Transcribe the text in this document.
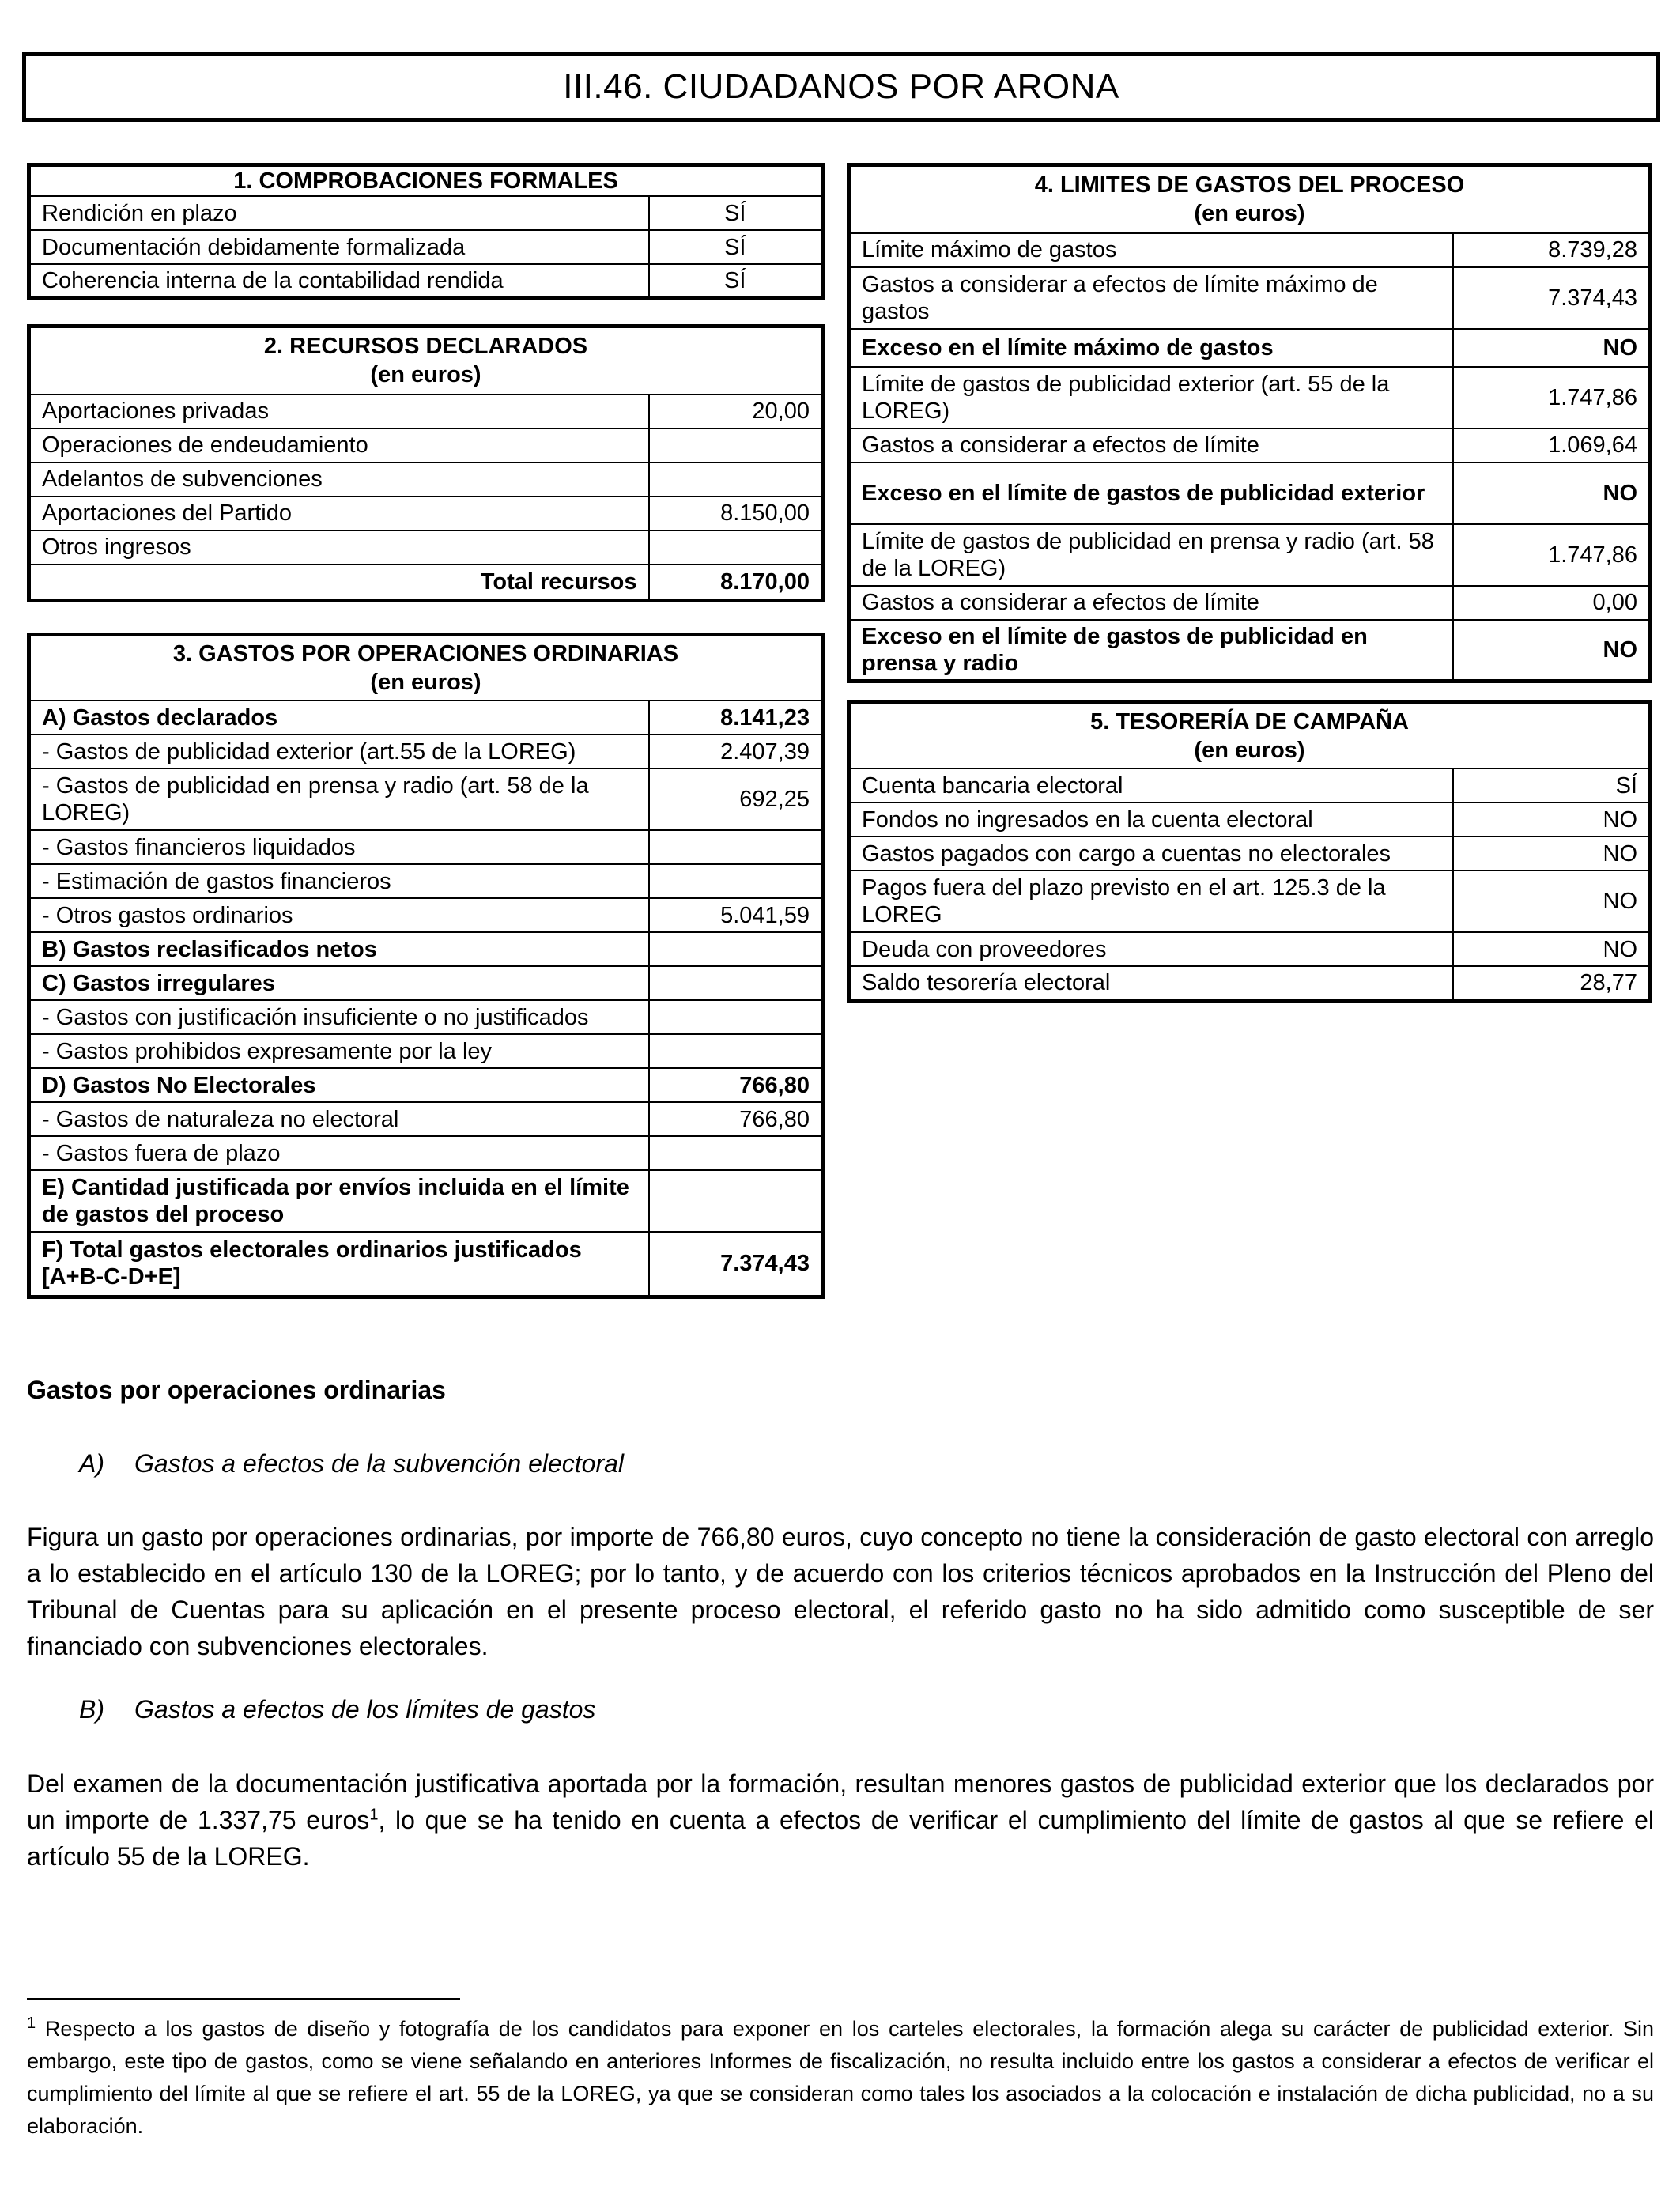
III.46. CIUDADANOS POR ARONA
1. COMPROBACIONES FORMALES	
Rendición en plazo	SÍ
Documentación debidamente formalizada	SÍ
Coherencia interna de la contabilidad rendida	SÍ
2. RECURSOS DECLARADOS
(en euros)	

Aportaciones privadas	20,00
Operaciones de endeudamiento	
Adelantos de subvenciones	
Aportaciones del Partido	8.150,00
Otros ingresos	
Total recursos	8.170,00
3. GASTOS POR OPERACIONES ORDINARIAS
(en euros)	

A) Gastos declarados	8.141,23
- Gastos de publicidad exterior (art.55 de la LOREG)	2.407,39
- Gastos de publicidad en prensa y radio (art. 58 de la LOREG)	692,25
- Gastos financieros liquidados	
- Estimación de gastos financieros	
- Otros gastos ordinarios	5.041,59
B) Gastos reclasificados netos	
C) Gastos irregulares	
- Gastos con justificación insuficiente o no justificados	
- Gastos prohibidos expresamente por la ley	
D) Gastos No Electorales	766,80
- Gastos de naturaleza no electoral	766,80
- Gastos fuera de plazo	
E) Cantidad justificada por envíos incluida en el límite de gastos del proceso	
F) Total gastos electorales ordinarios justificados [A+B-C-D+E]	7.374,43
4. LIMITES DE GASTOS DEL PROCESO
(en euros)	

Límite máximo de gastos	8.739,28
Gastos a considerar a efectos de límite máximo de gastos	7.374,43
Exceso en el límite máximo de gastos	NO
Límite de gastos de publicidad exterior (art. 55 de la LOREG)	1.747,86
Gastos a considerar a efectos de límite	1.069,64
Exceso en el límite de gastos de publicidad exterior	NO
Límite de gastos de publicidad en prensa y radio (art. 58 de la LOREG)	1.747,86
Gastos a considerar a efectos de límite	0,00
Exceso en el límite de gastos de publicidad en prensa y radio	NO
5. TESORERÍA DE CAMPAÑA
(en euros)	

Cuenta bancaria electoral	SÍ
Fondos no ingresados en la cuenta electoral	NO
Gastos pagados con cargo a cuentas no electorales	NO
Pagos fuera del plazo previsto en el art. 125.3 de la LOREG	NO
Deuda con proveedores	NO
Saldo tesorería electoral	28,77
Gastos por operaciones ordinarias
A) Gastos a efectos de la subvención electoral

Figura un gasto por operaciones ordinarias, por importe de 766,80 euros, cuyo concepto no tiene la consideración de gasto electoral con arreglo a lo establecido en el artículo 130 de la LOREG; por lo tanto, y de acuerdo con los criterios técnicos aprobados en la Instrucción del Pleno del Tribunal de Cuentas para su aplicación en el presente proceso electoral, el referido gasto no ha sido admitido como susceptible de ser financiado con subvenciones electorales.

B) Gastos a efectos de los límites de gastos

Del examen de la documentación justificativa aportada por la formación, resultan menores gastos de publicidad exterior que los declarados por un importe de 1.337,75 euros$^1$, lo que se ha tenido en cuenta a efectos de verificar el cumplimiento del límite de gastos al que se refiere el artículo 55 de la LOREG.

$^1$ Respecto a los gastos de diseño y fotografía de los candidatos para exponer en los carteles electorales, la formación alega su carácter de publicidad exterior. Sin embargo, este tipo de gastos, como se viene señalando en anteriores Informes de fiscalización, no resulta incluido entre los gastos a considerar a efectos de verificar el cumplimiento del límite al que se refiere el art. 55 de la LOREG, ya que se consideran como tales los asociados a la colocación e instalación de dicha publicidad, no a su elaboración.
